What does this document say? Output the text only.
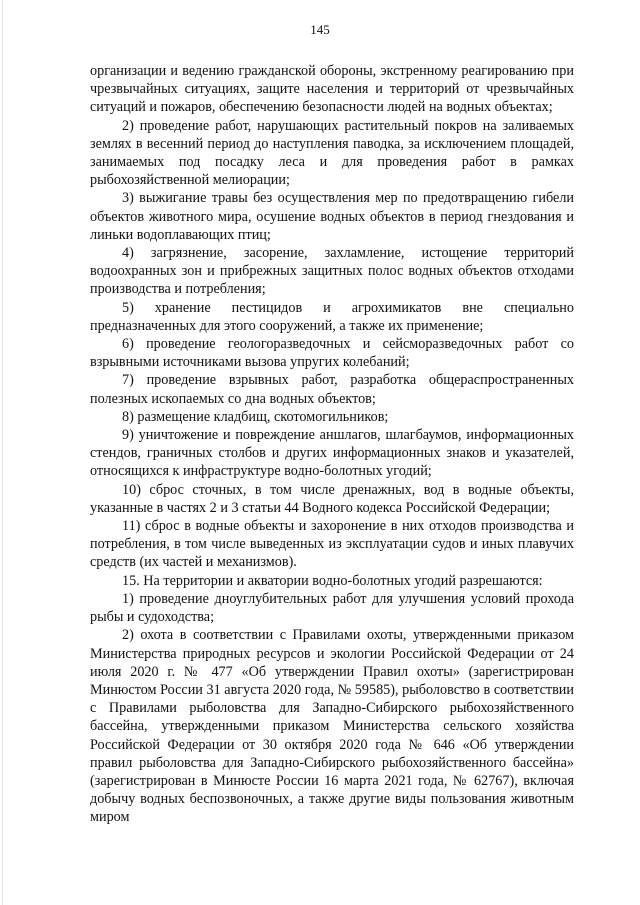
145

организации и ведению гражданской обороны, экстренному реагированию при чрезвычайных ситуациях, защите населения и территорий от чрезвычайных ситуаций и пожаров, обеспечению безопасности людей на водных объектах;

2) проведение работ, нарушающих растительный покров на заливаемых землях в весенний период до наступления паводка, за исключением площадей, занимаемых под посадку леса и для проведения работ в рамках рыбохозяйственной мелиорации;

3) выжигание травы без осуществления мер по предотвращению гибели объектов животного мира, осушение водных объектов в период гнездования и линьки водоплавающих птиц;

4) загрязнение, засорение, захламление, истощение территорий водоохранных зон и прибрежных защитных полос водных объектов отходами производства и потребления;

5) хранение пестицидов и агрохимикатов вне специально предназначенных для этого сооружений, а также их применение;

6) проведение геологоразведочных и сейсморазведочных работ со взрывными источниками вызова упругих колебаний;

7) проведение взрывных работ, разработка общераспространенных полезных ископаемых со дна водных объектов;

8) размещение кладбищ, скотомогильников;

9) уничтожение и повреждение аншлагов, шлагбаумов, информационных стендов, граничных столбов и других информационных знаков и указателей, относящихся к инфраструктуре водно-болотных угодий;

10) сброс сточных, в том числе дренажных, вод в водные объекты, указанные в частях 2 и 3 статьи 44 Водного кодекса Российской Федерации;

11) сброс в водные объекты и захоронение в них отходов производства и потребления, в том числе выведенных из эксплуатации судов и иных плавучих средств (их частей и механизмов).

15. На территории и акватории водно-болотных угодий разрешаются:

1) проведение дноуглубительных работ для улучшения условий прохода рыбы и судоходства;

2) охота в соответствии с Правилами охоты, утвержденными приказом Министерства природных ресурсов и экологии Российской Федерации от 24 июля 2020 г. № 477 «Об утверждении Правил охоты» (зарегистрирован Минюстом России 31 августа 2020 года, № 59585), рыболовство в соответствии с Правилами рыболовства для Западно-Сибирского рыбохозяйственного бассейна, утвержденными приказом Министерства сельского хозяйства Российской Федерации от 30 октября 2020 года № 646 «Об утверждении правил рыболовства для Западно-Сибирского рыбохозяйственного бассейна» (зарегистрирован в Минюсте России 16 марта 2021 года, № 62767), включая добычу водных беспозвоночных, а также другие виды пользования животным миром
